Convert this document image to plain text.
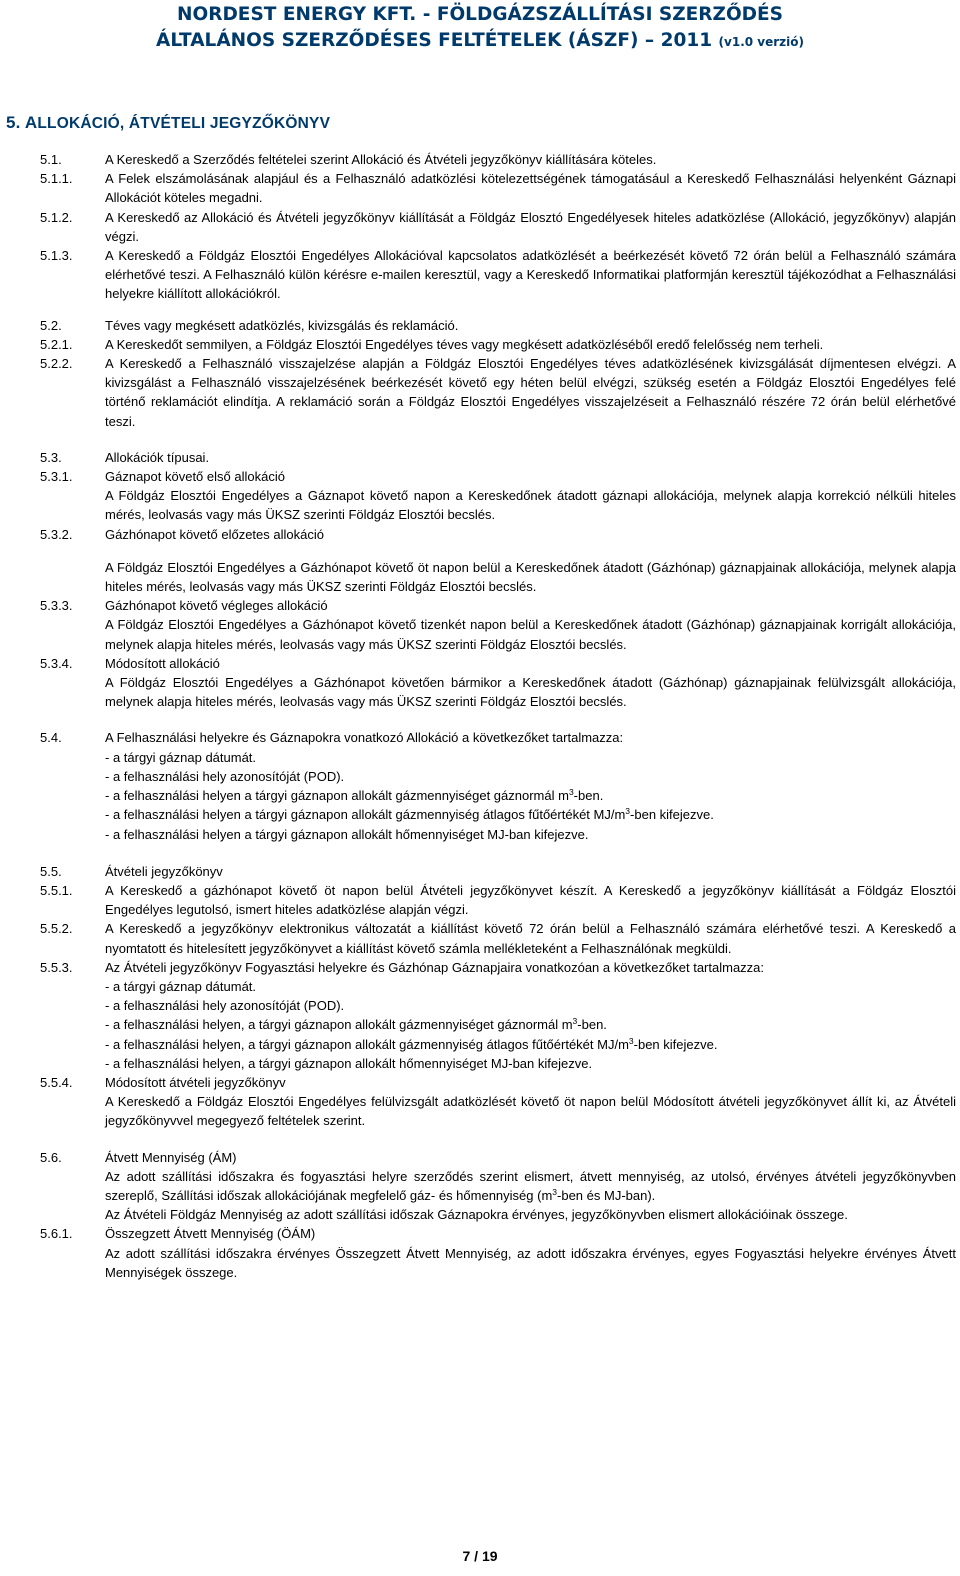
NORDEST ENERGY KFT. - FÖLDGÁZSZÁLLÍTÁSI SZERZŐDÉS
ÁLTALÁNOS SZERZŐDÉSES FELTÉTELEK (ÁSZF) – 2011 (v1.0 verzió)
5. ALLOKÁCIÓ, ÁTVÉTELI JEGYZŐKÖNYV
5.1.	A Kereskedő a Szerződés feltételei szerint Allokáció és Átvételi jegyzőkönyv kiállítására köteles.
5.1.1. A Felek elszámolásának alapjául és a Felhasználó adatközlési kötelezettségének támogatásául a Kereskedő Felhasználási helyenként Gáznapi Allokációt köteles megadni.
5.1.2. A Kereskedő az Allokáció és Átvételi jegyzőkönyv kiállítását a Földgáz Elosztó Engedélyesek hiteles adatközlése (Allokáció, jegyzőkönyv) alapján végzi.
5.1.3. A Kereskedő a Földgáz Elosztói Engedélyes Allokációval kapcsolatos adatközlését a beérkezését követő 72 órán belül a Felhasználó számára elérhetővé teszi. A Felhasználó külön kérésre e-mailen keresztül, vagy a Kereskedő Informatikai platformján keresztül tájékozódhat a Felhasználási helyekre kiállított allokációkról.
5.2.	Téves vagy megkésett adatközlés, kivizsgálás és reklamáció.
5.2.1. A Kereskedőt semmilyen, a Földgáz Elosztói Engedélyes téves vagy megkésett adatközléséből eredő felelősség nem terheli.
5.2.2. A Kereskedő a Felhasználó visszajelzése alapján a Földgáz Elosztói Engedélyes téves adatközlésének kivizsgálását díjmentesen elvégzi. A kivizsgálást a Felhasználó visszajelzésének beérkezését követő egy héten belül elvégzi, szükség esetén a Földgáz Elosztói Engedélyes felé történő reklamációt elindítja. A reklamáció során a Földgáz Elosztói Engedélyes visszajelzéseit a Felhasználó részére 72 órán belül elérhetővé teszi.
5.3.	Allokációk típusai.
5.3.1. Gáznapot követő első allokáció
A Földgáz Elosztói Engedélyes a Gáznapot követő napon a Kereskedőnek átadott gáznapi allokációja, melynek alapja korrekció nélküli hiteles mérés, leolvasás vagy más ÜKSZ szerinti Földgáz Elosztói becslés.
5.3.2. Gázhónapot követő előzetes allokáció
A Földgáz Elosztói Engedélyes a Gázhónapot követő öt napon belül a Kereskedőnek átadott (Gázhónap) gáznapjainak allokációja, melynek alapja hiteles mérés, leolvasás vagy más ÜKSZ szerinti Földgáz Elosztói becslés.
5.3.3. Gázhónapot követő végleges allokáció
A Földgáz Elosztói Engedélyes a Gázhónapot követő tizenkét napon belül a Kereskedőnek átadott (Gázhónap) gáznapjainak korrigált allokációja, melynek alapja hiteles mérés, leolvasás vagy más ÜKSZ szerinti Földgáz Elosztói becslés.
5.3.4. Módosított allokáció
A Földgáz Elosztói Engedélyes a Gázhónapot követően bármikor a Kereskedőnek átadott (Gázhónap) gáznapjainak felülvizsgált allokációja, melynek alapja hiteles mérés, leolvasás vagy más ÜKSZ szerinti Földgáz Elosztói becslés.
5.4.	A Felhasználási helyekre és Gáznapokra vonatkozó Allokáció a következőket tartalmazza:
- a tárgyi gáznap dátumát.
- a felhasználási hely azonosítóját (POD).
- a felhasználási helyen a tárgyi gáznapon allokált gázmennyiséget gáznormál $m^3$-ben.
- a felhasználási helyen a tárgyi gáznapon allokált gázmennyiség átlagos fűtőértékét $MJ/m^3$-ben kifejezve.
- a felhasználási helyen a tárgyi gáznapon allokált hőmennyiséget MJ-ban kifejezve.
5.5.	Átvételi jegyzőkönyv
5.5.1. A Kereskedő a gázhónapot követő öt napon belül Átvételi jegyzőkönyvet készít. A Kereskedő a jegyzőkönyv kiállítását a Földgáz Elosztói Engedélyes legutolsó, ismert hiteles adatközlése alapján végzi.
5.5.2. A Kereskedő a jegyzőkönyv elektronikus változatát a kiállítást követő 72 órán belül a Felhasználó számára elérhetővé teszi. A Kereskedő a nyomtatott és hitelesített jegyzőkönyvet a kiállítást követő számla mellékleteként a Felhasználónak megküldi.
5.5.3. Az Átvételi jegyzőkönyv Fogyasztási helyekre és Gázhónap Gáznapjaira vonatkozóan a következőket tartalmazza:
- a tárgyi gáznap dátumát.
- a felhasználási hely azonosítóját (POD).
- a felhasználási helyen, a tárgyi gáznapon allokált gázmennyiséget gáznormál $m^3$-ben.
- a felhasználási helyen, a tárgyi gáznapon allokált gázmennyiség átlagos fűtőértékét $MJ/m^3$-ben kifejezve.
- a felhasználási helyen, a tárgyi gáznapon allokált hőmennyiséget MJ-ban kifejezve.
5.5.4. Módosított átvételi jegyzőkönyv
A Kereskedő a Földgáz Elosztói Engedélyes felülvizsgált adatközlését követő öt napon belül Módosított átvételi jegyzőkönyvet állít ki, az Átvételi jegyzőkönyvvel megegyező feltételek szerint.
5.6.	Átvett Mennyiség (ÁM)
Az adott szállítási időszakra és fogyasztási helyre szerződés szerint elismert, átvett mennyiség, az utolsó, érvényes átvételi jegyzőkönyvben szereplő, Szállítási időszak allokációjának megfelelő gáz- és hőmennyiség ($m^3$-ben és MJ-ban).
Az Átvételi Földgáz Mennyiség az adott szállítási időszak Gáznapokra érvényes, jegyzőkönyvben elismert allokációinak összege.
5.6.1. Összegzett Átvett Mennyiség (ÖÁM)
Az adott szállítási időszakra érvényes Összegzett Átvett Mennyiség, az adott időszakra érvényes, egyes Fogyasztási helyekre érvényes Átvett Mennyiségek összege.
7 / 19
